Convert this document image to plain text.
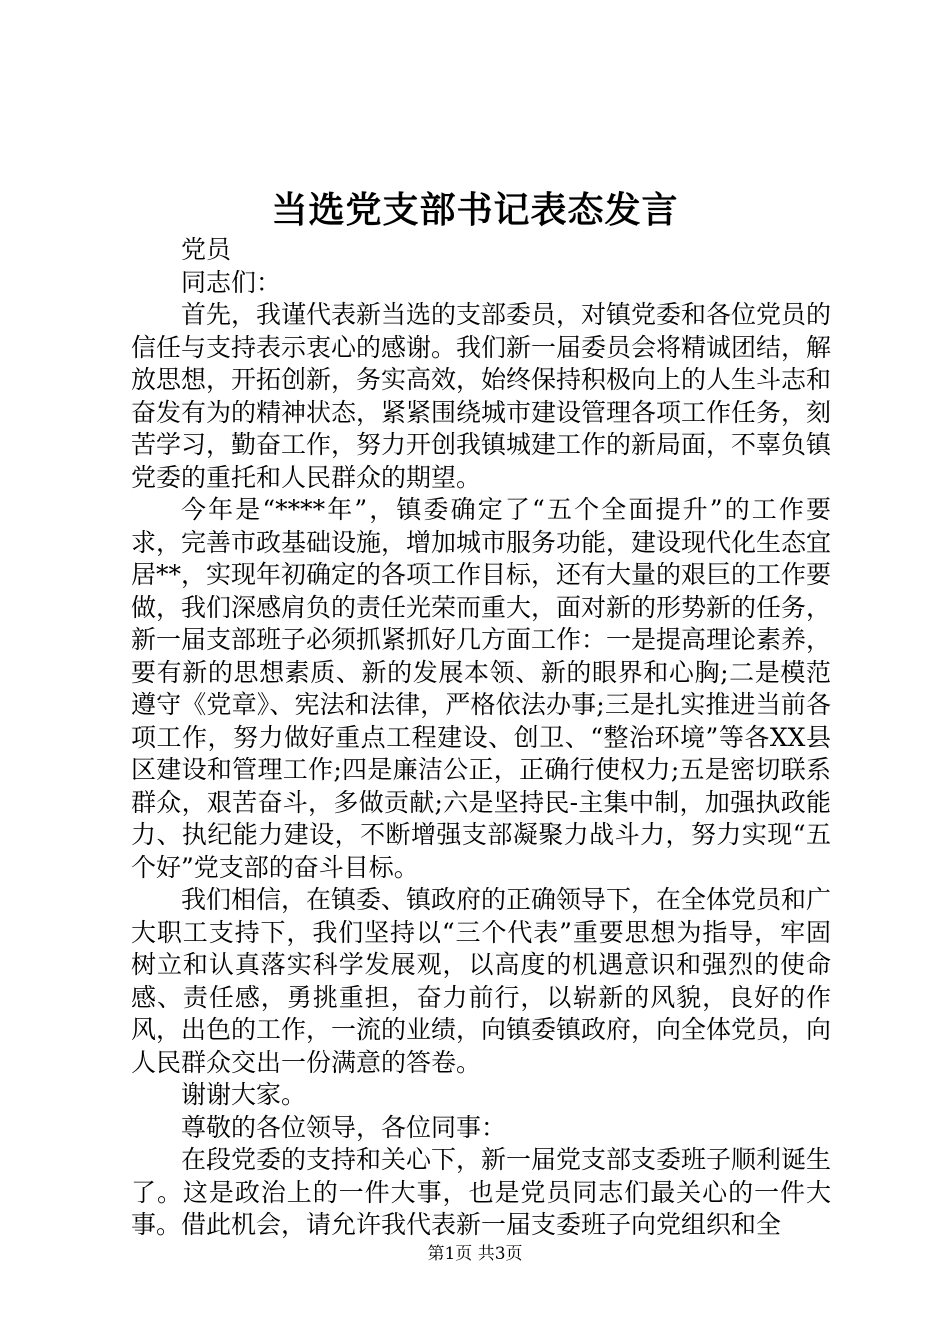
当选党支部书记表态发言

党员

同志们：

首先，我谨代表新当选的支部委员，对镇党委和各位党员的信任与支持表示衷心的感谢。我们新一届委员会将精诚团结，解放思想，开拓创新，务实高效，始终保持积极向上的人生斗志和奋发有为的精神状态，紧紧围绕城市建设管理各项工作任务，刻苦学习，勤奋工作，努力开创我镇城建工作的新局面，不辜负镇党委的重托和人民群众的期望。

今年是“****年”，镇委确定了“五个全面提升”的工作要求，完善市政基础设施，增加城市服务功能，建设现代化生态宜居**，实现年初确定的各项工作目标，还有大量的艰巨的工作要做，我们深感肩负的责任光荣而重大，面对新的形势新的任务，新一届支部班子必须抓紧抓好几方面工作：一是提高理论素养，要有新的思想素质、新的发展本领、新的眼界和心胸;二是模范遵守《党章》、宪法和法律，严格依法办事;三是扎实推进当前各项工作，努力做好重点工程建设、创卫、“整治环境”等各XX县区建设和管理工作;四是廉洁公正，正确行使权力;五是密切联系群众，艰苦奋斗，多做贡献;六是坚持民-主集中制，加强执政能力、执纪能力建设，不断增强支部凝聚力战斗力，努力实现“五个好”党支部的奋斗目标。

我们相信，在镇委、镇政府的正确领导下，在全体党员和广大职工支持下，我们坚持以“三个代表”重要思想为指导，牢固树立和认真落实科学发展观，以高度的机遇意识和强烈的使命感、责任感，勇挑重担，奋力前行，以崭新的风貌，良好的作风，出色的工作，一流的业绩，向镇委镇政府，向全体党员，向人民群众交出一份满意的答卷。

谢谢大家。

尊敬的各位领导，各位同事：

在段党委的支持和关心下，新一届党支部支委班子顺利诞生了。这是政治上的一件大事，也是党员同志们最关心的一件大事。借此机会，请允许我代表新一届支委班子向党组织和全

第1页 共3页
